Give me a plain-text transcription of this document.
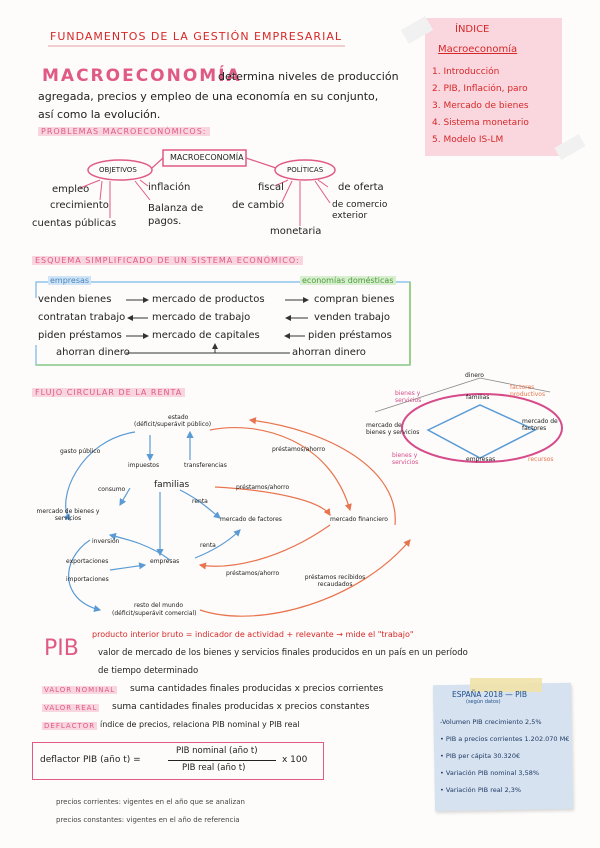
FUNDAMENTOS DE LA GESTIÓN EMPRESARIAL
ÍNDICE
Macroeconomía
1. Introducción
2. PIB, Inflación, paro
3. Mercado de bienes
4. Sistema monetario
5. Modelo IS-LM
MACROECONOMÍA
determina niveles de producción
agregada, precios y empleo de una economía en su conjunto,
así como la evolución.
PROBLEMAS MACROECONÓMICOS:
MACROECONOMÍA
OBJETIVOS	POLÍTICAS
empleo
crecimiento
cuentas públicas
inflación
Balanza de pagos.
fiscal
de cambio
monetaria
de oferta
de comercio exterior
ESQUEMA SIMPLIFICADO DE UN SISTEMA ECONÓMICO:
empresas	economías domésticas
venden bienes	mercado de productos	compran bienes
contratan trabajo	mercado de trabajo	venden trabajo
piden préstamos	mercado de capitales	piden préstamos
ahorran dinero	ahorran dinero
FLUJO CIRCULAR DE LA RENTA
estado
(déficit/superávit público)
gasto público
impuestos	transferencias
consumo	familias
renta
mercado de bienes y servicios	mercado de factores	mercado financiero
inversión
renta
empresas
exportaciones
importaciones
préstamos/ahorro
préstamos/ahorro
préstamos/ahorro
préstamos recibidos recaudados
resto del mundo
(déficit/superávit comercial)
dinero
bienes y servicios
factores productivos
familias
mercado de bienes y servicios
mercado de factores
empresas
bienes y servicios	recursos
PIB
producto interior bruto = indicador de actividad + relevante → mide el "trabajo"
valor de mercado de los bienes y servicios finales producidos en un país en un período
de tiempo determinado
VALOR NOMINAL suma cantidades finales producidas x precios corrientes
VALOR REAL suma cantidades finales producidas x precios constantes
DEFLACTOR índice de precios, relaciona PIB nominal y PIB real
deflactor PIB (año t) =
PIB nominal (año t)
PIB real (año t)
x 100
precios corrientes: vigentes en el año que se analizan
precios constantes: vigentes en el año de referencia
ESPAÑA 2018 — PIB
(según datos)
-Volumen PIB crecimiento 2,5%
• PIB a precios corrientes 1.202.070 M€
• PIB per cápita 30.320€
• Variación PIB nominal 3,58%
• Variación PIB real 2,3%
